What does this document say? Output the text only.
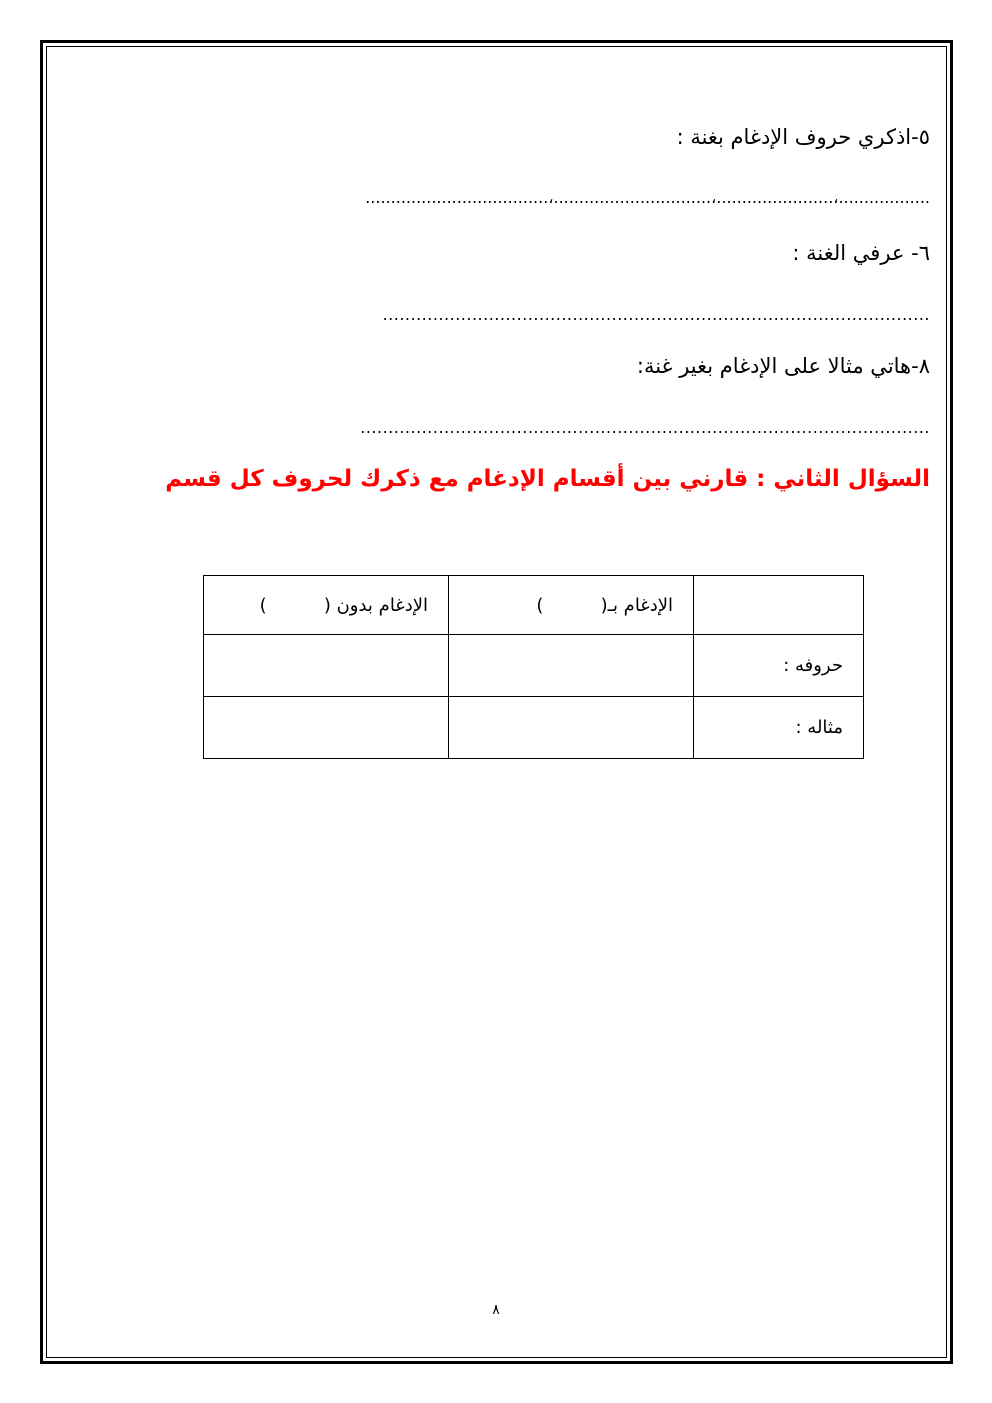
٥-اذكري حروف الإدغام بغنة :
..................،.......................،...............................،....................................
٦- عرفي الغنة :
..................................................................................................
٨-هاتي مثالا على الإدغام بغير غنة:
......................................................................................................
السؤال الثاني : قارني بين أقسام الإدغام مع ذكرك لحروف كل قسم
	الإدغام بـ(          )	الإدغام بدون (          )
حروفه :		
مثاله :		
٨
